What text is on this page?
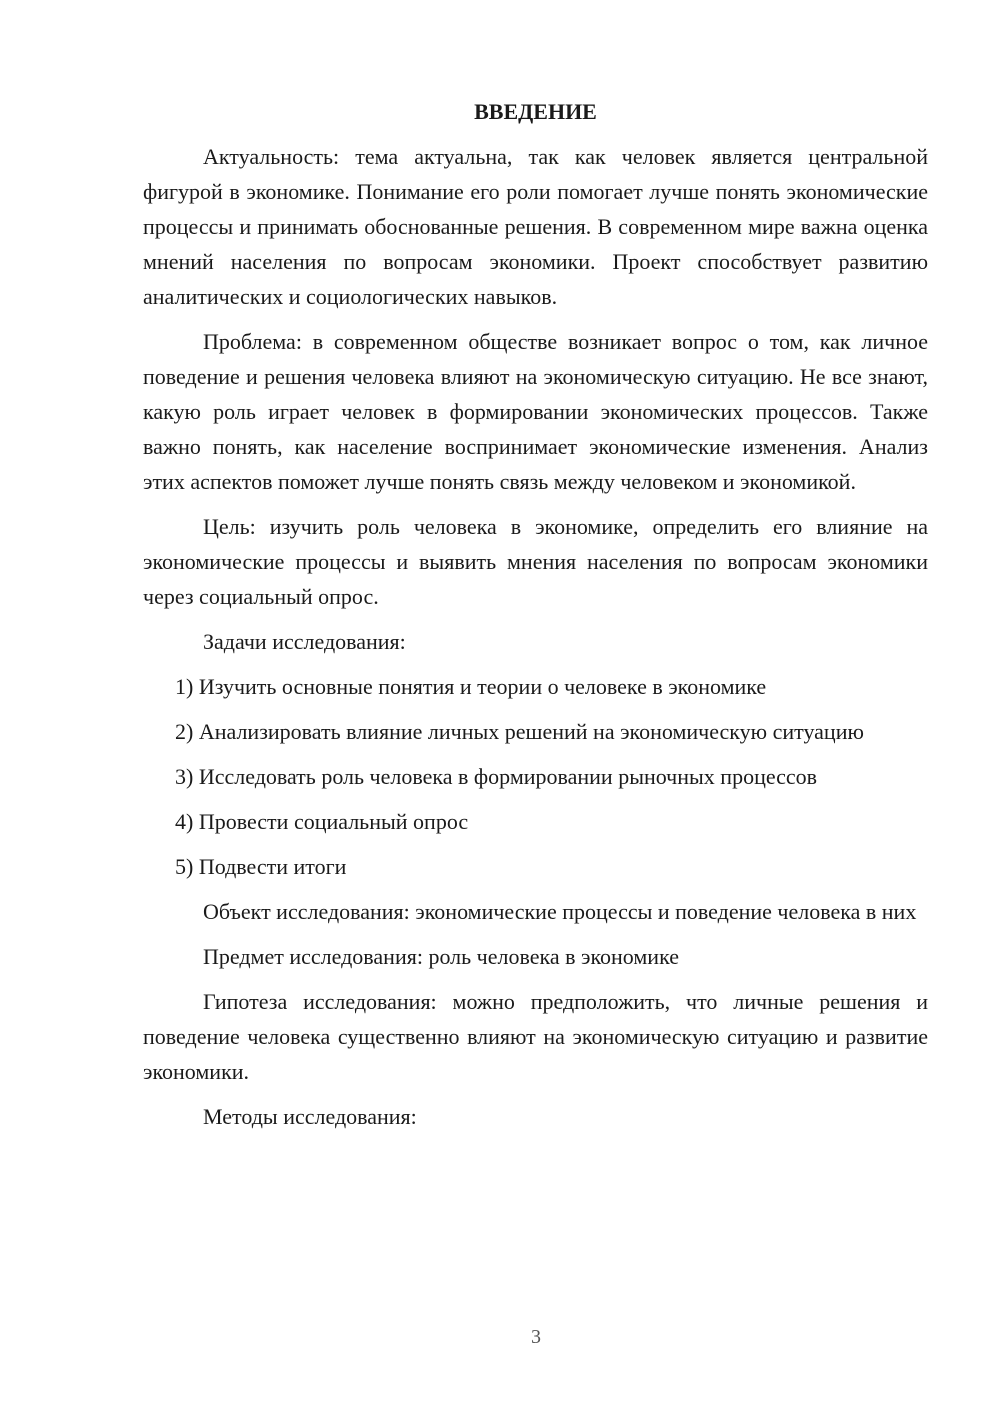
ВВЕДЕНИЕ

Актуальность: тема актуальна, так как человек является центральной фигурой в экономике. Понимание его роли помогает лучше понять экономические процессы и принимать обоснованные решения. В современном мире важна оценка мнений населения по вопросам экономики. Проект способствует развитию аналитических и социологических навыков.

Проблема: в современном обществе возникает вопрос о том, как личное поведение и решения человека влияют на экономическую ситуацию. Не все знают, какую роль играет человек в формировании экономических процессов. Также важно понять, как население воспринимает экономические изменения. Анализ этих аспектов поможет лучше понять связь между человеком и экономикой.

Цель: изучить роль человека в экономике, определить его влияние на экономические процессы и выявить мнения населения по вопросам экономики через социальный опрос.

Задачи исследования:

1) Изучить основные понятия и теории о человеке в экономике

2) Анализировать влияние личных решений на экономическую ситуацию

3) Исследовать роль человека в формировании рыночных процессов

4) Провести социальный опрос

5) Подвести итоги

Объект исследования: экономические процессы и поведение человека в них

Предмет исследования: роль человека в экономике

Гипотеза исследования: можно предположить, что личные решения и поведение человека существенно влияют на экономическую ситуацию и развитие экономики.

Методы исследования:

3
